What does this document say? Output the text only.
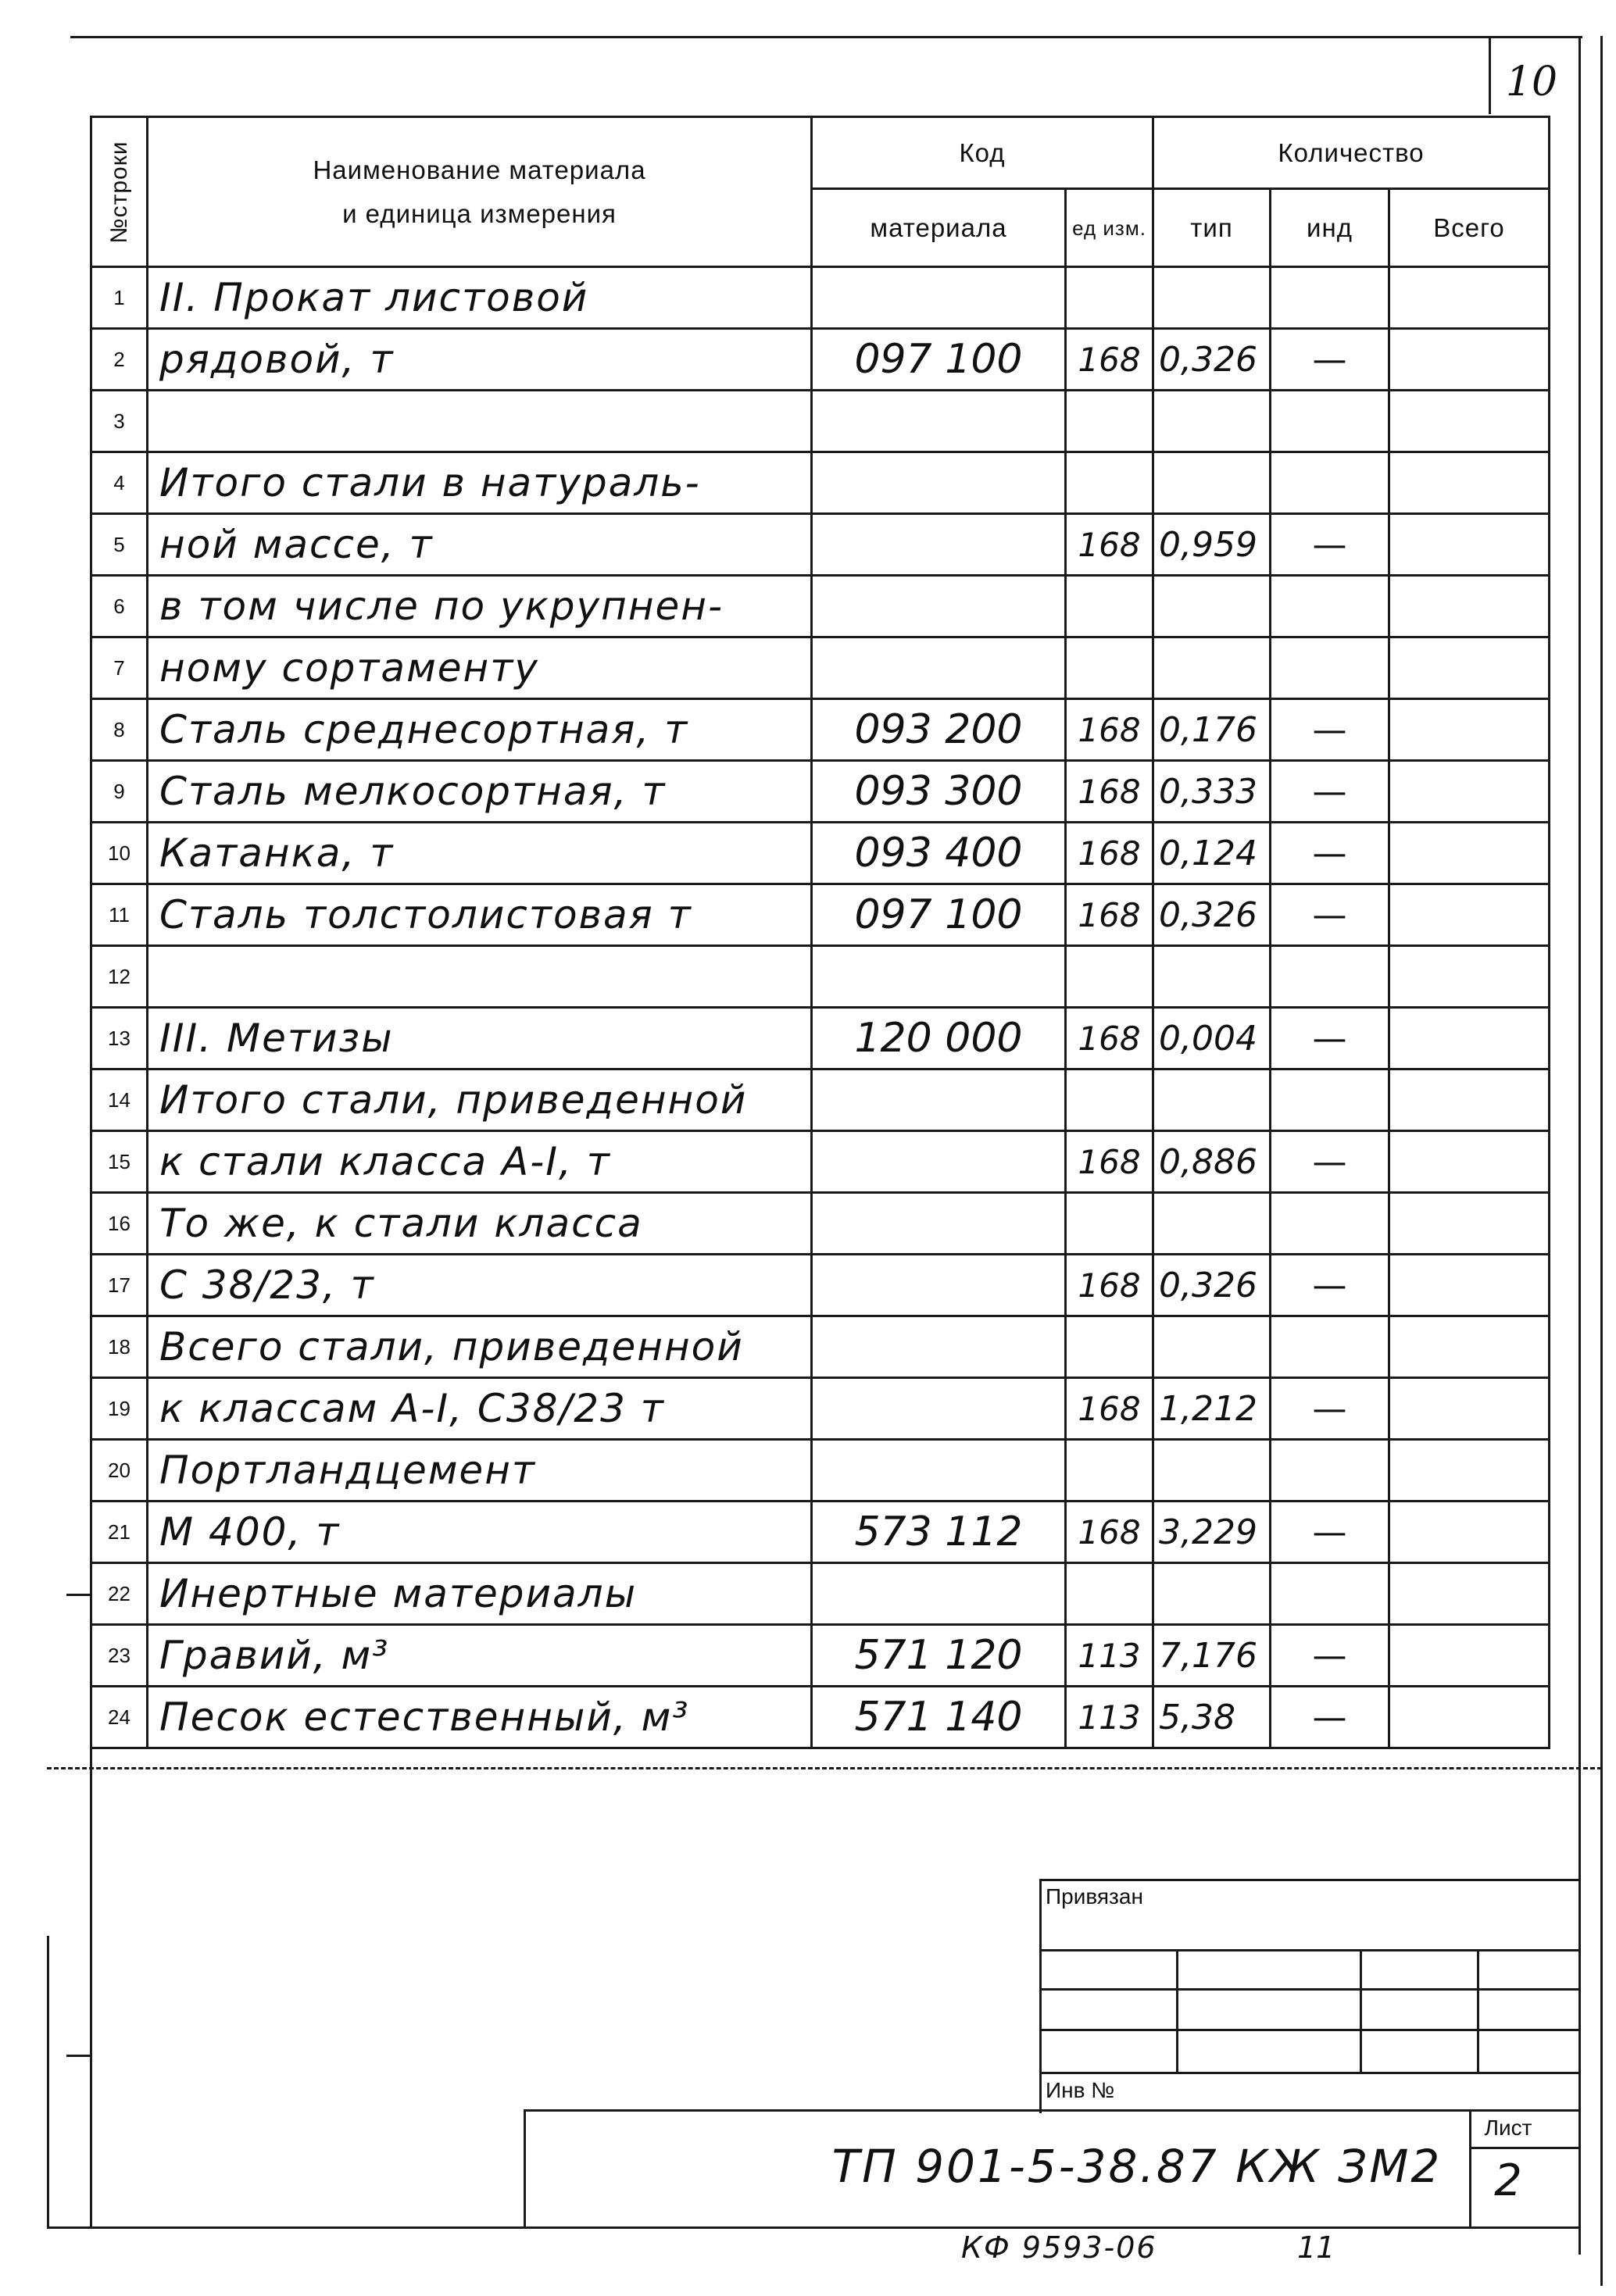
10
№строки	Наименование материала
и единица измерения	Код		Количество		
		материала	ед изм.	тип	инд	Всего
1	II. Прокат листовой					
2	рядовой, т	097 100	168	0,326	—	
3						
4	Итого стали в натураль-					
5	ной массе, т		168	0,959	—	
6	в том числе по укрупнен-					
7	ному сортаменту					
8	Сталь среднесортная, т	093 200	168	0,176	—	
9	Сталь мелкосортная, т	093 300	168	0,333	—	
10	Катанка, т	093 400	168	0,124	—	
11	Сталь толстолистовая т	097 100	168	0,326	—	
12						
13	III. Метизы	120 000	168	0,004	—	
14	Итого стали, приведенной					
15	к стали класса А-I, т		168	0,886	—	
16	То же, к стали класса					
17	С 38/23, т		168	0,326	—	
18	Всего стали, приведенной					
19	к классам А-I, С38/23 т		168	1,212	—	
20	Портландцемент					
21	М 400, т	573 112	168	3,229	—	
22	Инертные материалы					
23	Гравий, м³	571 120	113	7,176	—	
24	Песок естественный, м³	571 140	113	5,38	—	
Привязан
Инв №
Лист
2
ТП 901-5-38.87 КЖ ЗМ2
КФ 9593-06	11
